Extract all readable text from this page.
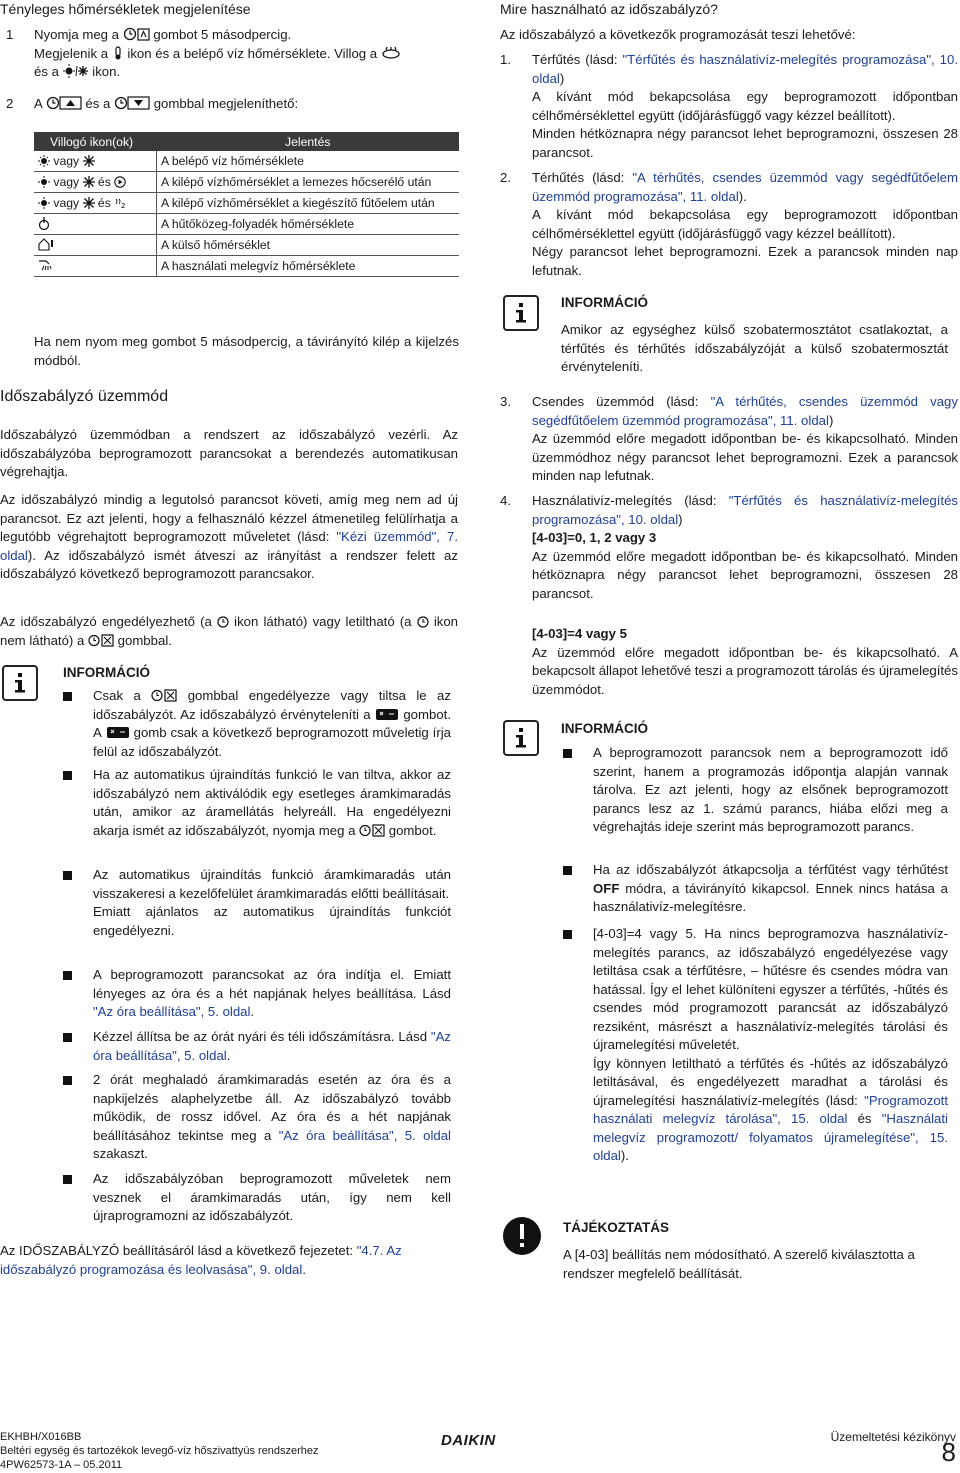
Tényleges hőmérsékletek megjelenítése
1 Nyomja meg a	gombot 5 másodpercig.
Megjelenik a ikon és a belépő víz hőmérséklete. Villog a
és a	ikon.
2 A	és a	gombbal megjeleníthető:
Villogó ikon(ok)	Jelentés
vagy	A belépő víz hőmérséklete
vagy és	A kilépő vízhőmérséklet a lemezes hőcserélő után
vagy és 2	A kilépő vízhőmérséklet a kiegészítő fűtőelem után
	A hűtőközeg-folyadék hőmérséklete
	A külső hőmérséklet
	A használati melegvíz hőmérséklete

Ha nem nyom meg gombot 5 másodpercig, a távirányító kilép a kijelzés módból.

Időszabályzó üzemmód

Időszabályzó üzemmódban a rendszert az időszabályzó vezérli. Az időszabályzóba beprogramozott parancsokat a berendezés automatikusan végrehajtja.

Az időszabályzó mindig a legutolsó parancsot követi, amíg meg nem ad új parancsot. Ez azt jelenti, hogy a felhasználó kézzel átmenetileg felülírhatja a legutóbb végrehajtott beprogramozott műveletet (lásd: "Kézi üzemmód", 7. oldal). Az időszabályzó ismét átveszi az irányítást a rendszer felett az időszabályzó következő beprogramozott parancsakor.

Az időszabályzó engedélyezhető (a ikon látható) vagy letiltható (a ikon nem látható) a	gombbal.

INFORMÁCIÓ

Csak a	gombbal engedélyezze vagy tiltsa le az időszabályzót. Az időszabályzó érvényteleníti a gombot. A gomb csak a következő beprogramozott műveletig írja felül az időszabályzót.

Ha az automatikus újraindítás funkció le van tiltva, akkor az időszabályzó nem aktiválódik egy esetleges áramkimaradás után, amikor az áramellátás helyreáll. Ha engedélyezni akarja ismét az időszabályzót, nyomja meg a	gombot.

Az automatikus újraindítás funkció áramkimaradás után visszakeresi a kezelőfelület áramkimaradás előtti beállításait.
Emiatt ajánlatos az automatikus újraindítás funkciót engedélyezni.

A beprogramozott parancsokat az óra indítja el. Emiatt lényeges az óra és a hét napjának helyes beállítása. Lásd "Az óra beállítása", 5. oldal.

Kézzel állítsa be az órát nyári és téli időszámításra. Lásd "Az óra beállítása", 5. oldal.

2 órát meghaladó áramkimaradás esetén az óra és a napkijelzés alaphelyzetbe áll. Az időszabályzó tovább működik, de rossz idővel. Az óra és a hét napjának beállításához tekintse meg a "Az óra beállítása", 5. oldal szakaszt.

Az időszabályzóban beprogramozott műveletek nem vesznek el áramkimaradás után, így nem kell újraprogramozni az időszabályzót.

Az IDŐSZABÁLYZÓ beállításáról lásd a következő fejezetet: "4.7. Az időszabályzó programozása és leolvasása", 9. oldal.

Mire használható az időszabályzó?

Az időszabályzó a következők programozását teszi lehetővé:

1. Térfűtés (lásd: "Térfűtés és használativíz-melegítés programozása", 10. oldal)

A kívánt mód bekapcsolása egy beprogramozott időpontban célhőmérséklettel együtt (időjárásfüggő vagy kézzel beállított).

Minden hétköznapra négy parancsot lehet beprogramozni, összesen 28 parancsot.

2. Térhűtés (lásd: "A térhűtés, csendes üzemmód vagy segédfűtőelem üzemmód programozása", 11. oldal).

A kívánt mód bekapcsolása egy beprogramozott időpontban célhőmérséklettel együtt (időjárásfüggő vagy kézzel beállított).

Négy parancsot lehet beprogramozni. Ezek a parancsok minden nap lefutnak.

INFORMÁCIÓ

Amikor az egységhez külső szobatermosztátot csatlakoztat, a térfűtés és térhűtés időszabályzóját a külső szobatermosztát érvényteleníti.

3. Csendes üzemmód (lásd: "A térhűtés, csendes üzemmód vagy segédfűtőelem üzemmód programozása", 11. oldal)

Az üzemmód előre megadott időpontban be- és kikapcsolható. Minden üzemmódhoz négy parancsot lehet beprogramozni. Ezek a parancsok minden nap lefutnak.

4. Használativíz-melegítés (lásd: "Térfűtés és használativíz-melegítés programozása", 10. oldal)

[4-03]=0, 1, 2 vagy 3

Az üzemmód előre megadott időpontban be- és kikapcsolható. Minden hétköznapra négy parancsot lehet beprogramozni, összesen 28 parancsot.

[4-03]=4 vagy 5

Az üzemmód előre megadott időpontban be- és kikapcsolható. A bekapcsolt állapot lehetővé teszi a programozott tárolás és újramelegítés üzemmódot.

INFORMÁCIÓ

A beprogramozott parancsok nem a beprogramozott idő szerint, hanem a programozás időpontja alapján vannak tárolva. Ez azt jelenti, hogy az elsőnek beprogramozott parancs lesz az 1. számú parancs, hiába előzi meg a végrehajtás ideje szerint más beprogramozott parancs.

Ha az időszabályzót átkapcsolja a térfűtést vagy térhűtést OFF módra, a távirányító kikapcsol. Ennek nincs hatása a használativíz-melegítésre.

[4-03]=4 vagy 5. Ha nincs beprogramozva használativíz-melegítés parancs, az időszabályzó engedélyezése vagy letiltása csak a térfűtésre, – hűtésre és csendes módra van hatással. Így el lehet különíteni egyszer a térfűtés, -hűtés és csendes mód programozott parancsát az időszabályzó rezsiként, másrészt a használativíz-melegítés tárolási és újramelegítési műveletét.

Így könnyen letiltható a térfűtés és -hűtés az időszabályzó letiltásával, és engedélyezett maradhat a tárolási és újramelegítési használativíz-melegítés (lásd: "Programozott használati melegvíz tárolása", 15. oldal és "Használati melegvíz programozott/ folyamatos újramelegítése", 15. oldal).

TÁJÉKOZTATÁS

A [4-03] beállítás nem módosítható. A szerelő kiválasztotta a rendszer megfelelő beállítását.

EKHBH/X016BB
Beltéri egység és tartozékok levegő-víz hőszivattyús rendszerhez
4PW62573-1A – 05.2011
DAIKIN	Üzemeltetési kézikönyv
8
